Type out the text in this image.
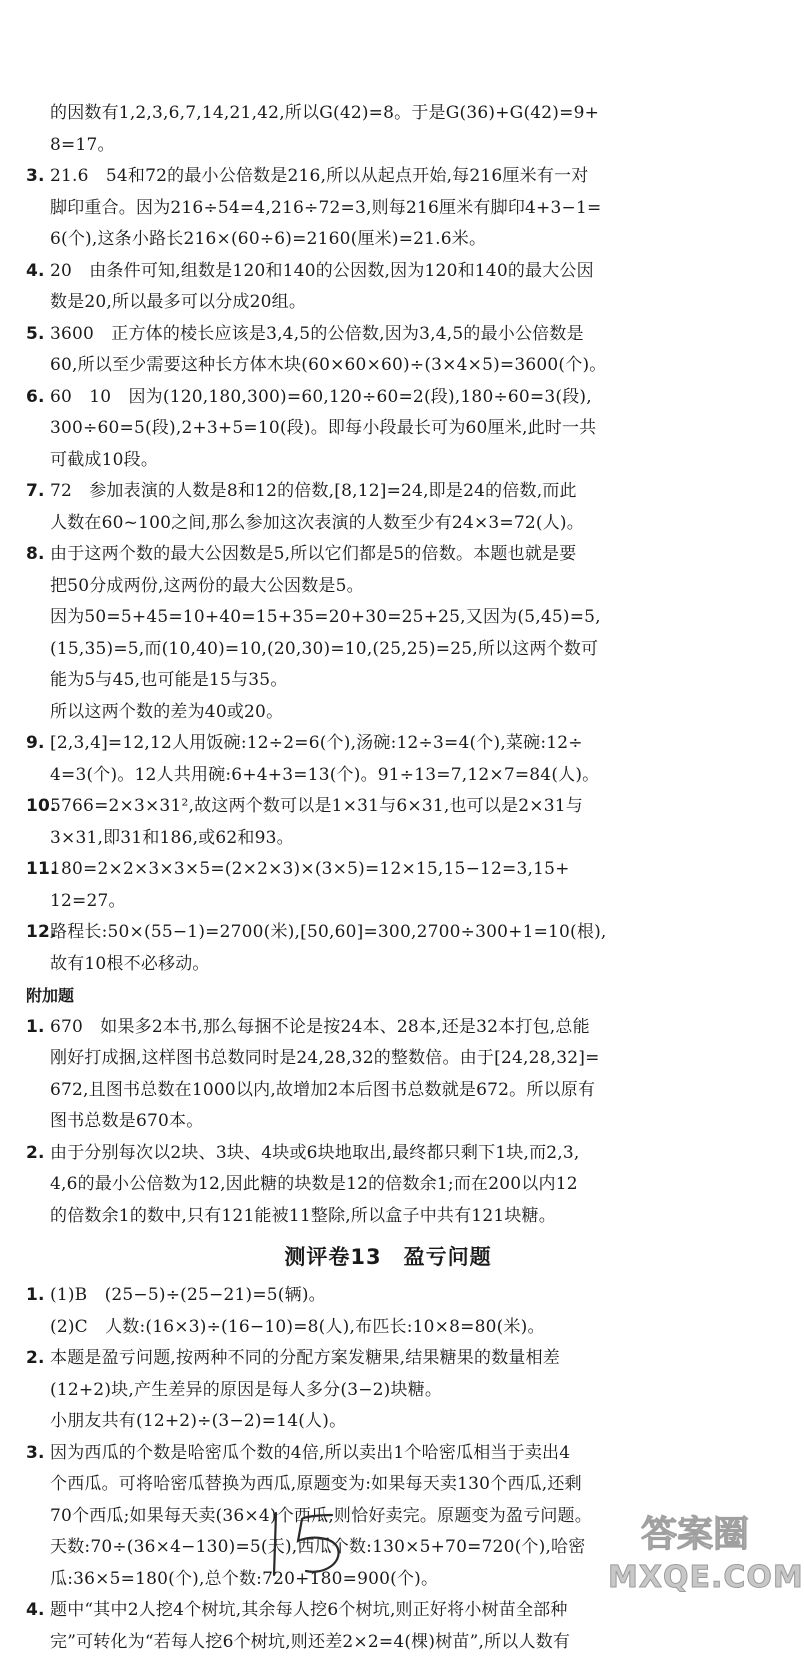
的因数有1,2,3,6,7,14,21,42,所以G(42)=8。于是G(36)+G(42)=9+
8=17。
3. 21.6　54和72的最小公倍数是216,所以从起点开始,每216厘米有一对
脚印重合。因为216÷54=4,216÷72=3,则每216厘米有脚印4+3−1=
6(个),这条小路长216×(60÷6)=2160(厘米)=21.6米。
4. 20　由条件可知,组数是120和140的公因数,因为120和140的最大公因
数是20,所以最多可以分成20组。
5. 3600　正方体的棱长应该是3,4,5的公倍数,因为3,4,5的最小公倍数是
60,所以至少需要这种长方体木块(60×60×60)÷(3×4×5)=3600(个)。
6. 60　10　因为(120,180,300)=60,120÷60=2(段),180÷60=3(段),
300÷60=5(段),2+3+5=10(段)。即每小段最长可为60厘米,此时一共
可截成10段。
7. 72　参加表演的人数是8和12的倍数,[8,12]=24,即是24的倍数,而此
人数在60~100之间,那么参加这次表演的人数至少有24×3=72(人)。
8. 由于这两个数的最大公因数是5,所以它们都是5的倍数。本题也就是要
把50分成两份,这两份的最大公因数是5。
因为50=5+45=10+40=15+35=20+30=25+25,又因为(5,45)=5,
(15,35)=5,而(10,40)=10,(20,30)=10,(25,25)=25,所以这两个数可
能为5与45,也可能是15与35。
所以这两个数的差为40或20。
9. [2,3,4]=12,12人用饭碗:12÷2=6(个),汤碗:12÷3=4(个),菜碗:12÷
4=3(个)。12人共用碗:6+4+3=13(个)。91÷13=7,12×7=84(人)。
10.5766=2×3×31²,故这两个数可以是1×31与6×31,也可以是2×31与
3×31,即31和186,或62和93。
11.180=2×2×3×3×5=(2×2×3)×(3×5)=12×15,15−12=3,15+
12=27。
12.路程长:50×(55−1)=2700(米),[50,60]=300,2700÷300+1=10(根),
故有10根不必移动。
附加题
1. 670　如果多2本书,那么每捆不论是按24本、28本,还是32本打包,总能
刚好打成捆,这样图书总数同时是24,28,32的整数倍。由于[24,28,32]=
672,且图书总数在1000以内,故增加2本后图书总数就是672。所以原有
图书总数是670本。
2. 由于分别每次以2块、3块、4块或6块地取出,最终都只剩下1块,而2,3,
4,6的最小公倍数为12,因此糖的块数是12的倍数余1;而在200以内12
的倍数余1的数中,只有121能被11整除,所以盒子中共有121块糖。
测评卷13　盈亏问题
1. (1)B　(25−5)÷(25−21)=5(辆)。
(2)C　人数:(16×3)÷(16−10)=8(人),布匹长:10×8=80(米)。
2. 本题是盈亏问题,按两种不同的分配方案发糖果,结果糖果的数量相差
(12+2)块,产生差异的原因是每人多分(3−2)块糖。
小朋友共有(12+2)÷(3−2)=14(人)。
3. 因为西瓜的个数是哈密瓜个数的4倍,所以卖出1个哈密瓜相当于卖出4
个西瓜。可将哈密瓜替换为西瓜,原题变为:如果每天卖130个西瓜,还剩
70个西瓜;如果每天卖(36×4)个西瓜,则恰好卖完。原题变为盈亏问题。
天数:70÷(36×4−130)=5(天),西瓜个数:130×5+70=720(个),哈密
瓜:36×5=180(个),总个数:720+180=900(个)。
4. 题中“其中2人挖4个树坑,其余每人挖6个树坑,则正好将小树苗全部种
完”可转化为“若每人挖6个树坑,则还差2×2=4(棵)树苗”,所以人数有
答案圈
MXQE.COM
